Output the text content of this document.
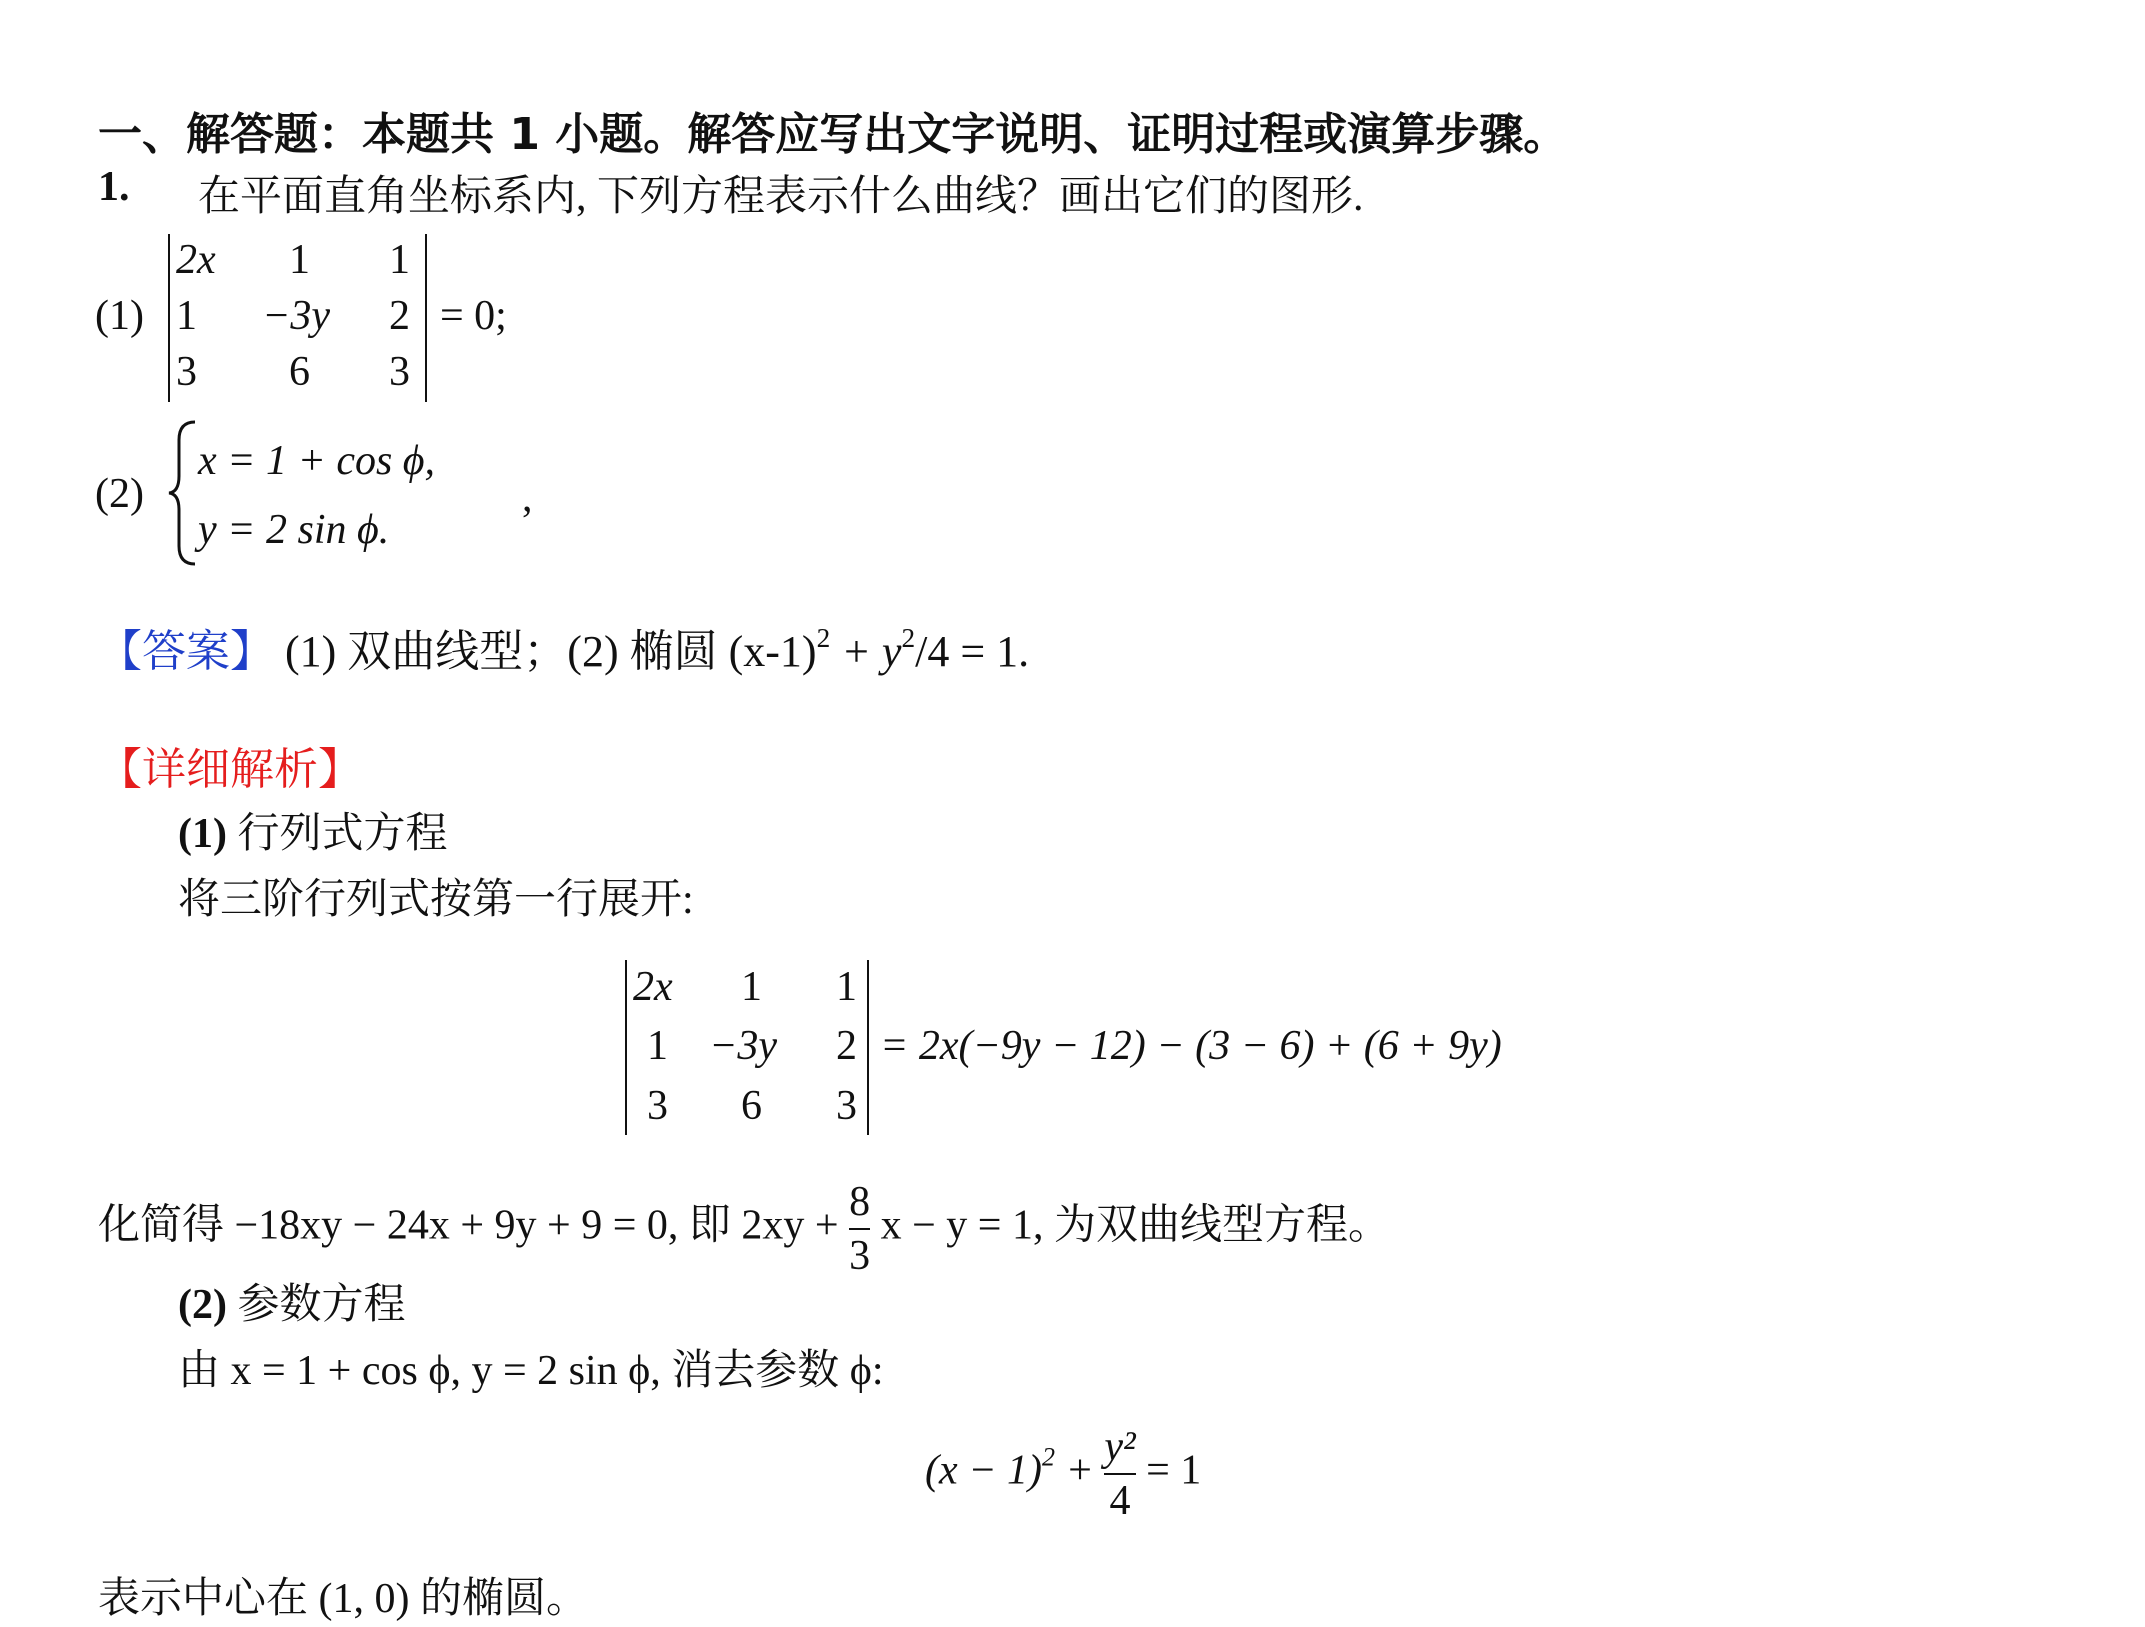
一、解答题：本题共 1 小题。解答应写出文字说明、证明过程或演算步骤。
1. 在平面直角坐标系内, 下列方程表示什么曲线？画出它们的图形.
(1)
2x	1	1
1	−3y	2
3	6	3
= 0;
(2)
x = 1 + cos ϕ,
y = 2 sin ϕ.
,
【答案】 (1) 双曲线型；(2) 椭圆 $(x-1)^2 + y^2/4 = 1$.
【详细解析】
(1) 行列式方程
将三阶行列式按第一行展开:
2x	1	1
1 −3y	2
3	6	3
= 2x(−9y − 12) − (3 − 6) + (6 + 9y)
化简得 −18xy − 24x + 9y + 9 = 0, 即 $2xy + \frac{8}{3}$ x − y = 1, 为双曲线型方程。
(2) 参数方程
由 x = 1 + cos ϕ, y = 2 sin ϕ, 消去参数 ϕ:
$(x - 1)^2 + \frac{\text{y²}}{4} = 1$
表示中心在 (1, 0) 的椭圆。
